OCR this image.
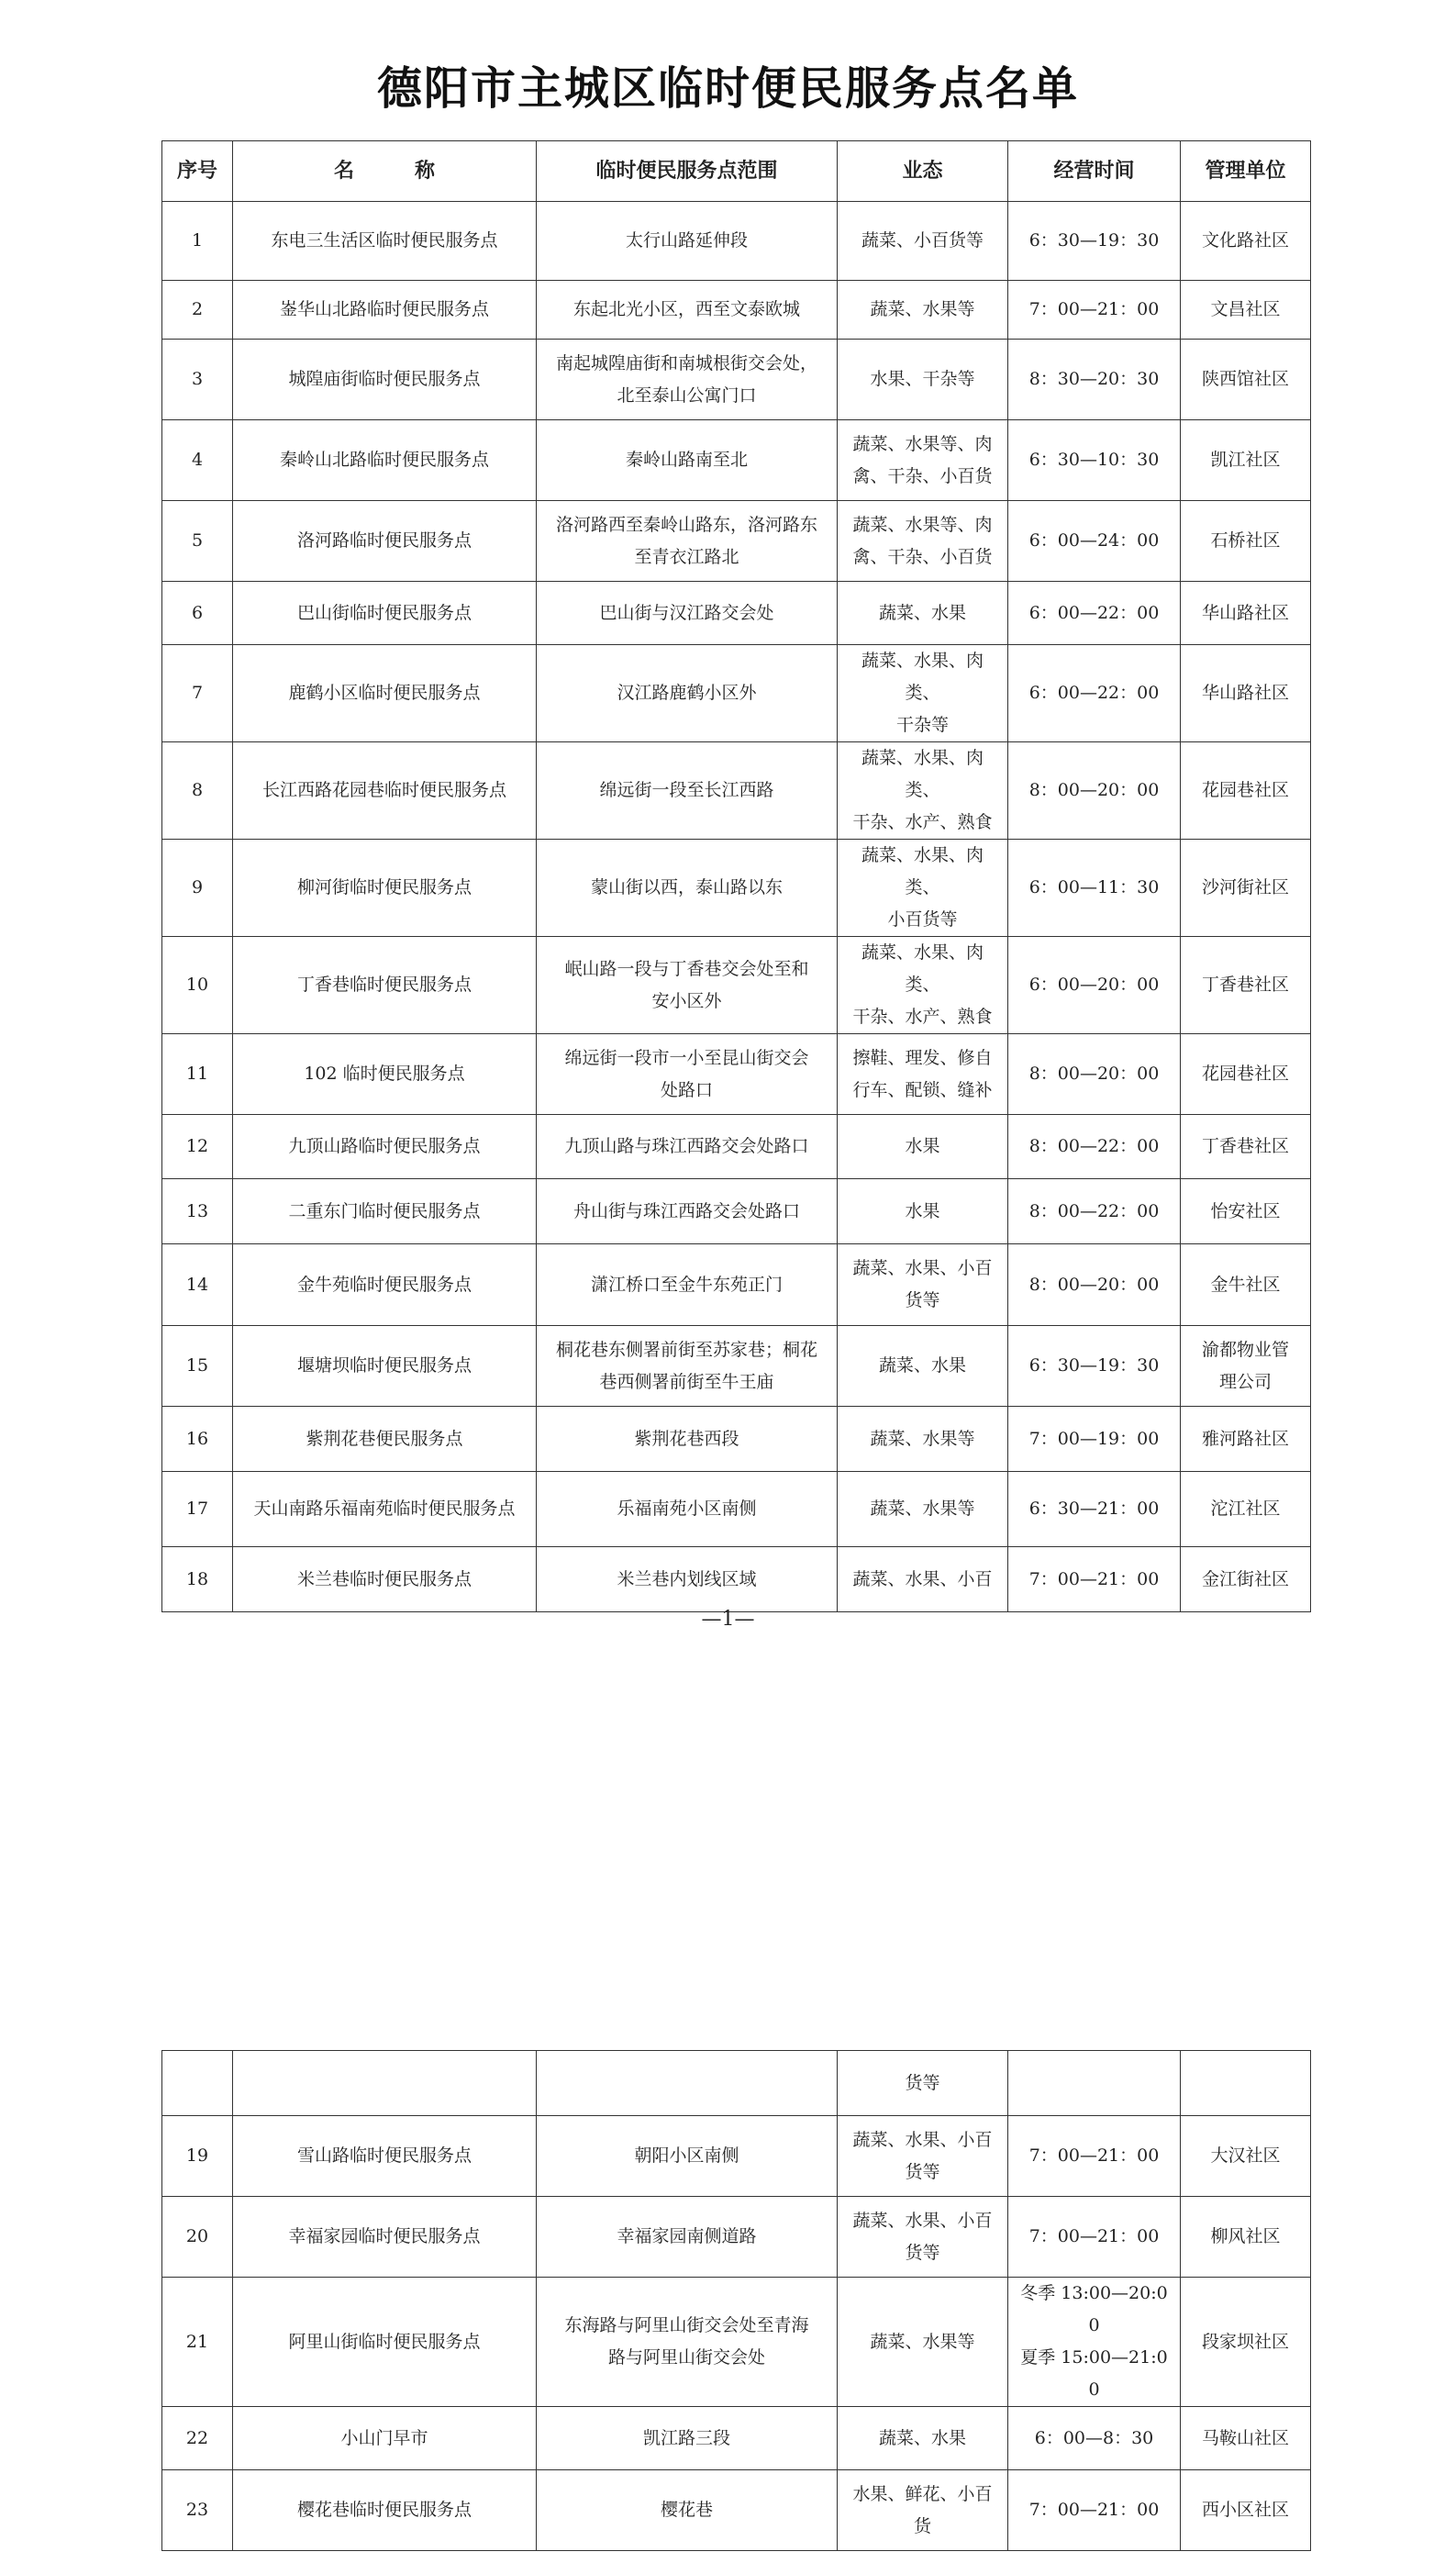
德阳市主城区临时便民服务点名单
序号	名　　　称	临时便民服务点范围	业态	经营时间	管理单位
1	东电三生活区临时便民服务点	太行山路延伸段	蔬菜、小百货等	6：30—19：30	文化路社区
2	崟华山北路临时便民服务点	东起北光小区，西至文泰欧城	蔬菜、水果等	7：00—21：00	文昌社区
3	城隍庙街临时便民服务点	南起城隍庙街和南城根街交会处，
北至泰山公寓门口	水果、干杂等	8：30—20：30	陕西馆社区
4	秦岭山北路临时便民服务点	秦岭山路南至北	蔬菜、水果等、肉
禽、干杂、小百货	6：30—10：30	凯江社区
5	洛河路临时便民服务点	洛河路西至秦岭山路东，洛河路东
至青衣江路北	蔬菜、水果等、肉
禽、干杂、小百货	6：00—24：00	石桥社区
6	巴山街临时便民服务点	巴山街与汉江路交会处	蔬菜、水果	6：00—22：00	华山路社区
7	鹿鹤小区临时便民服务点	汉江路鹿鹤小区外	蔬菜、水果、肉类、
干杂等	6：00—22：00	华山路社区
8	长江西路花园巷临时便民服务点	绵远街一段至长江西路	蔬菜、水果、肉类、
干杂、水产、熟食	8：00—20：00	花园巷社区
9	柳河街临时便民服务点	蒙山街以西，泰山路以东	蔬菜、水果、肉类、
小百货等	6：00—11：30	沙河街社区
10	丁香巷临时便民服务点	岷山路一段与丁香巷交会处至和
安小区外	蔬菜、水果、肉类、
干杂、水产、熟食	6：00—20：00	丁香巷社区
11	102 临时便民服务点	绵远街一段市一小至昆山街交会
处路口	擦鞋、理发、修自
行车、配锁、缝补	8：00—20：00	花园巷社区
12	九顶山路临时便民服务点	九顶山路与珠江西路交会处路口	水果	8：00—22：00	丁香巷社区
13	二重东门临时便民服务点	舟山街与珠江西路交会处路口	水果	8：00—22：00	怡安社区
14	金牛苑临时便民服务点	潇江桥口至金牛东苑正门	蔬菜、水果、小百
货等	8：00—20：00	金牛社区
15	堰塘坝临时便民服务点	桐花巷东侧署前街至苏家巷；桐花
巷西侧署前街至牛王庙	蔬菜、水果	6：30—19：30	渝都物业管
理公司
16	紫荆花巷便民服务点	紫荆花巷西段	蔬菜、水果等	7：00—19：00	雅河路社区
17	天山南路乐福南苑临时便民服务点	乐福南苑小区南侧	蔬菜、水果等	6：30—21：00	沱江社区
18	米兰巷临时便民服务点	米兰巷内划线区域	蔬菜、水果、小百	7：00—21：00	金江街社区
—1—
			货等

19	雪山路临时便民服务点	朝阳小区南侧	蔬菜、水果、小百
货等	7：00—21：00	大汉社区
20	幸福家园临时便民服务点	幸福家园南侧道路	蔬菜、水果、小百
货等	7：00—21：00	柳风社区
21	阿里山街临时便民服务点	东海路与阿里山街交会处至青海
路与阿里山街交会处	蔬菜、水果等	冬季 13:00—20:00
夏季 15:00—21:00	段家坝社区
22	小山门早市	凯江路三段	蔬菜、水果	6：00—8：30	马鞍山社区
23	樱花巷临时便民服务点	樱花巷	水果、鲜花、小百
货	7：00—21：00	西小区社区
